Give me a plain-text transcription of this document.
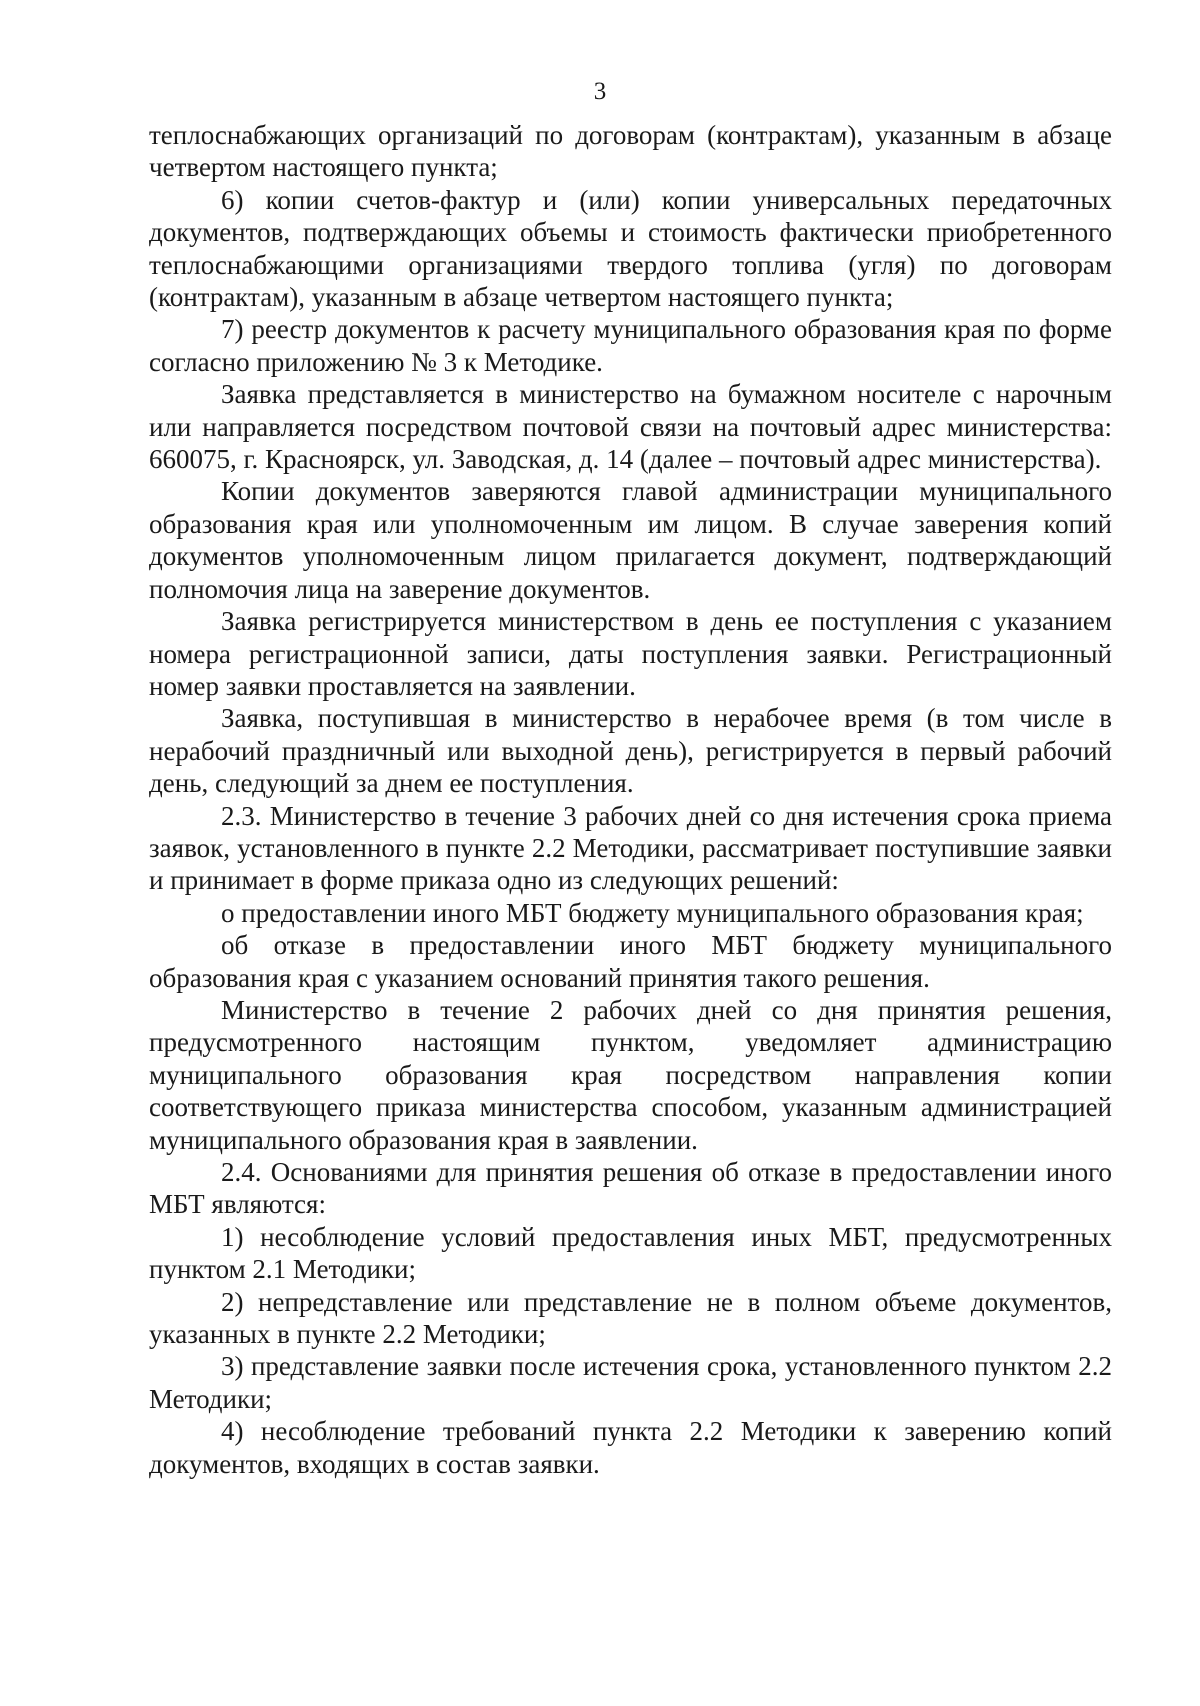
3

теплоснабжающих организаций по договорам (контрактам), указанным в абзаце четвертом настоящего пункта;

6) копии счетов-фактур и (или) копии универсальных передаточных документов, подтверждающих объемы и стоимость фактически приобретенного теплоснабжающими организациями твердого топлива (угля) по договорам (контрактам), указанным в абзаце четвертом настоящего пункта;

7) реестр документов к расчету муниципального образования края по форме согласно приложению № 3 к Методике.

Заявка представляется в министерство на бумажном носителе с нарочным или направляется посредством почтовой связи на почтовый адрес министерства: 660075, г. Красноярск, ул. Заводская, д. 14 (далее – почтовый адрес министерства).

Копии документов заверяются главой администрации муниципального образования края или уполномоченным им лицом. В случае заверения копий документов уполномоченным лицом прилагается документ, подтверждающий полномочия лица на заверение документов.

Заявка регистрируется министерством в день ее поступления с указанием номера регистрационной записи, даты поступления заявки. Регистрационный номер заявки проставляется на заявлении.

Заявка, поступившая в министерство в нерабочее время (в том числе в нерабочий праздничный или выходной день), регистрируется в первый рабочий день, следующий за днем ее поступления.

2.3. Министерство в течение 3 рабочих дней со дня истечения срока приема заявок, установленного в пункте 2.2 Методики, рассматривает поступившие заявки и принимает в форме приказа одно из следующих решений:

о предоставлении иного МБТ бюджету муниципального образования края;

об отказе в предоставлении иного МБТ бюджету муниципального образования края с указанием оснований принятия такого решения.

Министерство в течение 2 рабочих дней со дня принятия решения, предусмотренного настоящим пунктом, уведомляет администрацию муниципального образования края посредством направления копии соответствующего приказа министерства способом, указанным администрацией муниципального образования края в заявлении.

2.4. Основаниями для принятия решения об отказе в предоставлении иного МБТ являются:

1) несоблюдение условий предоставления иных МБТ, предусмотренных пунктом 2.1 Методики;

2) непредставление или представление не в полном объеме документов, указанных в пункте 2.2 Методики;

3) представление заявки после истечения срока, установленного пунктом 2.2 Методики;

4) несоблюдение требований пункта 2.2 Методики к заверению копий документов, входящих в состав заявки.
